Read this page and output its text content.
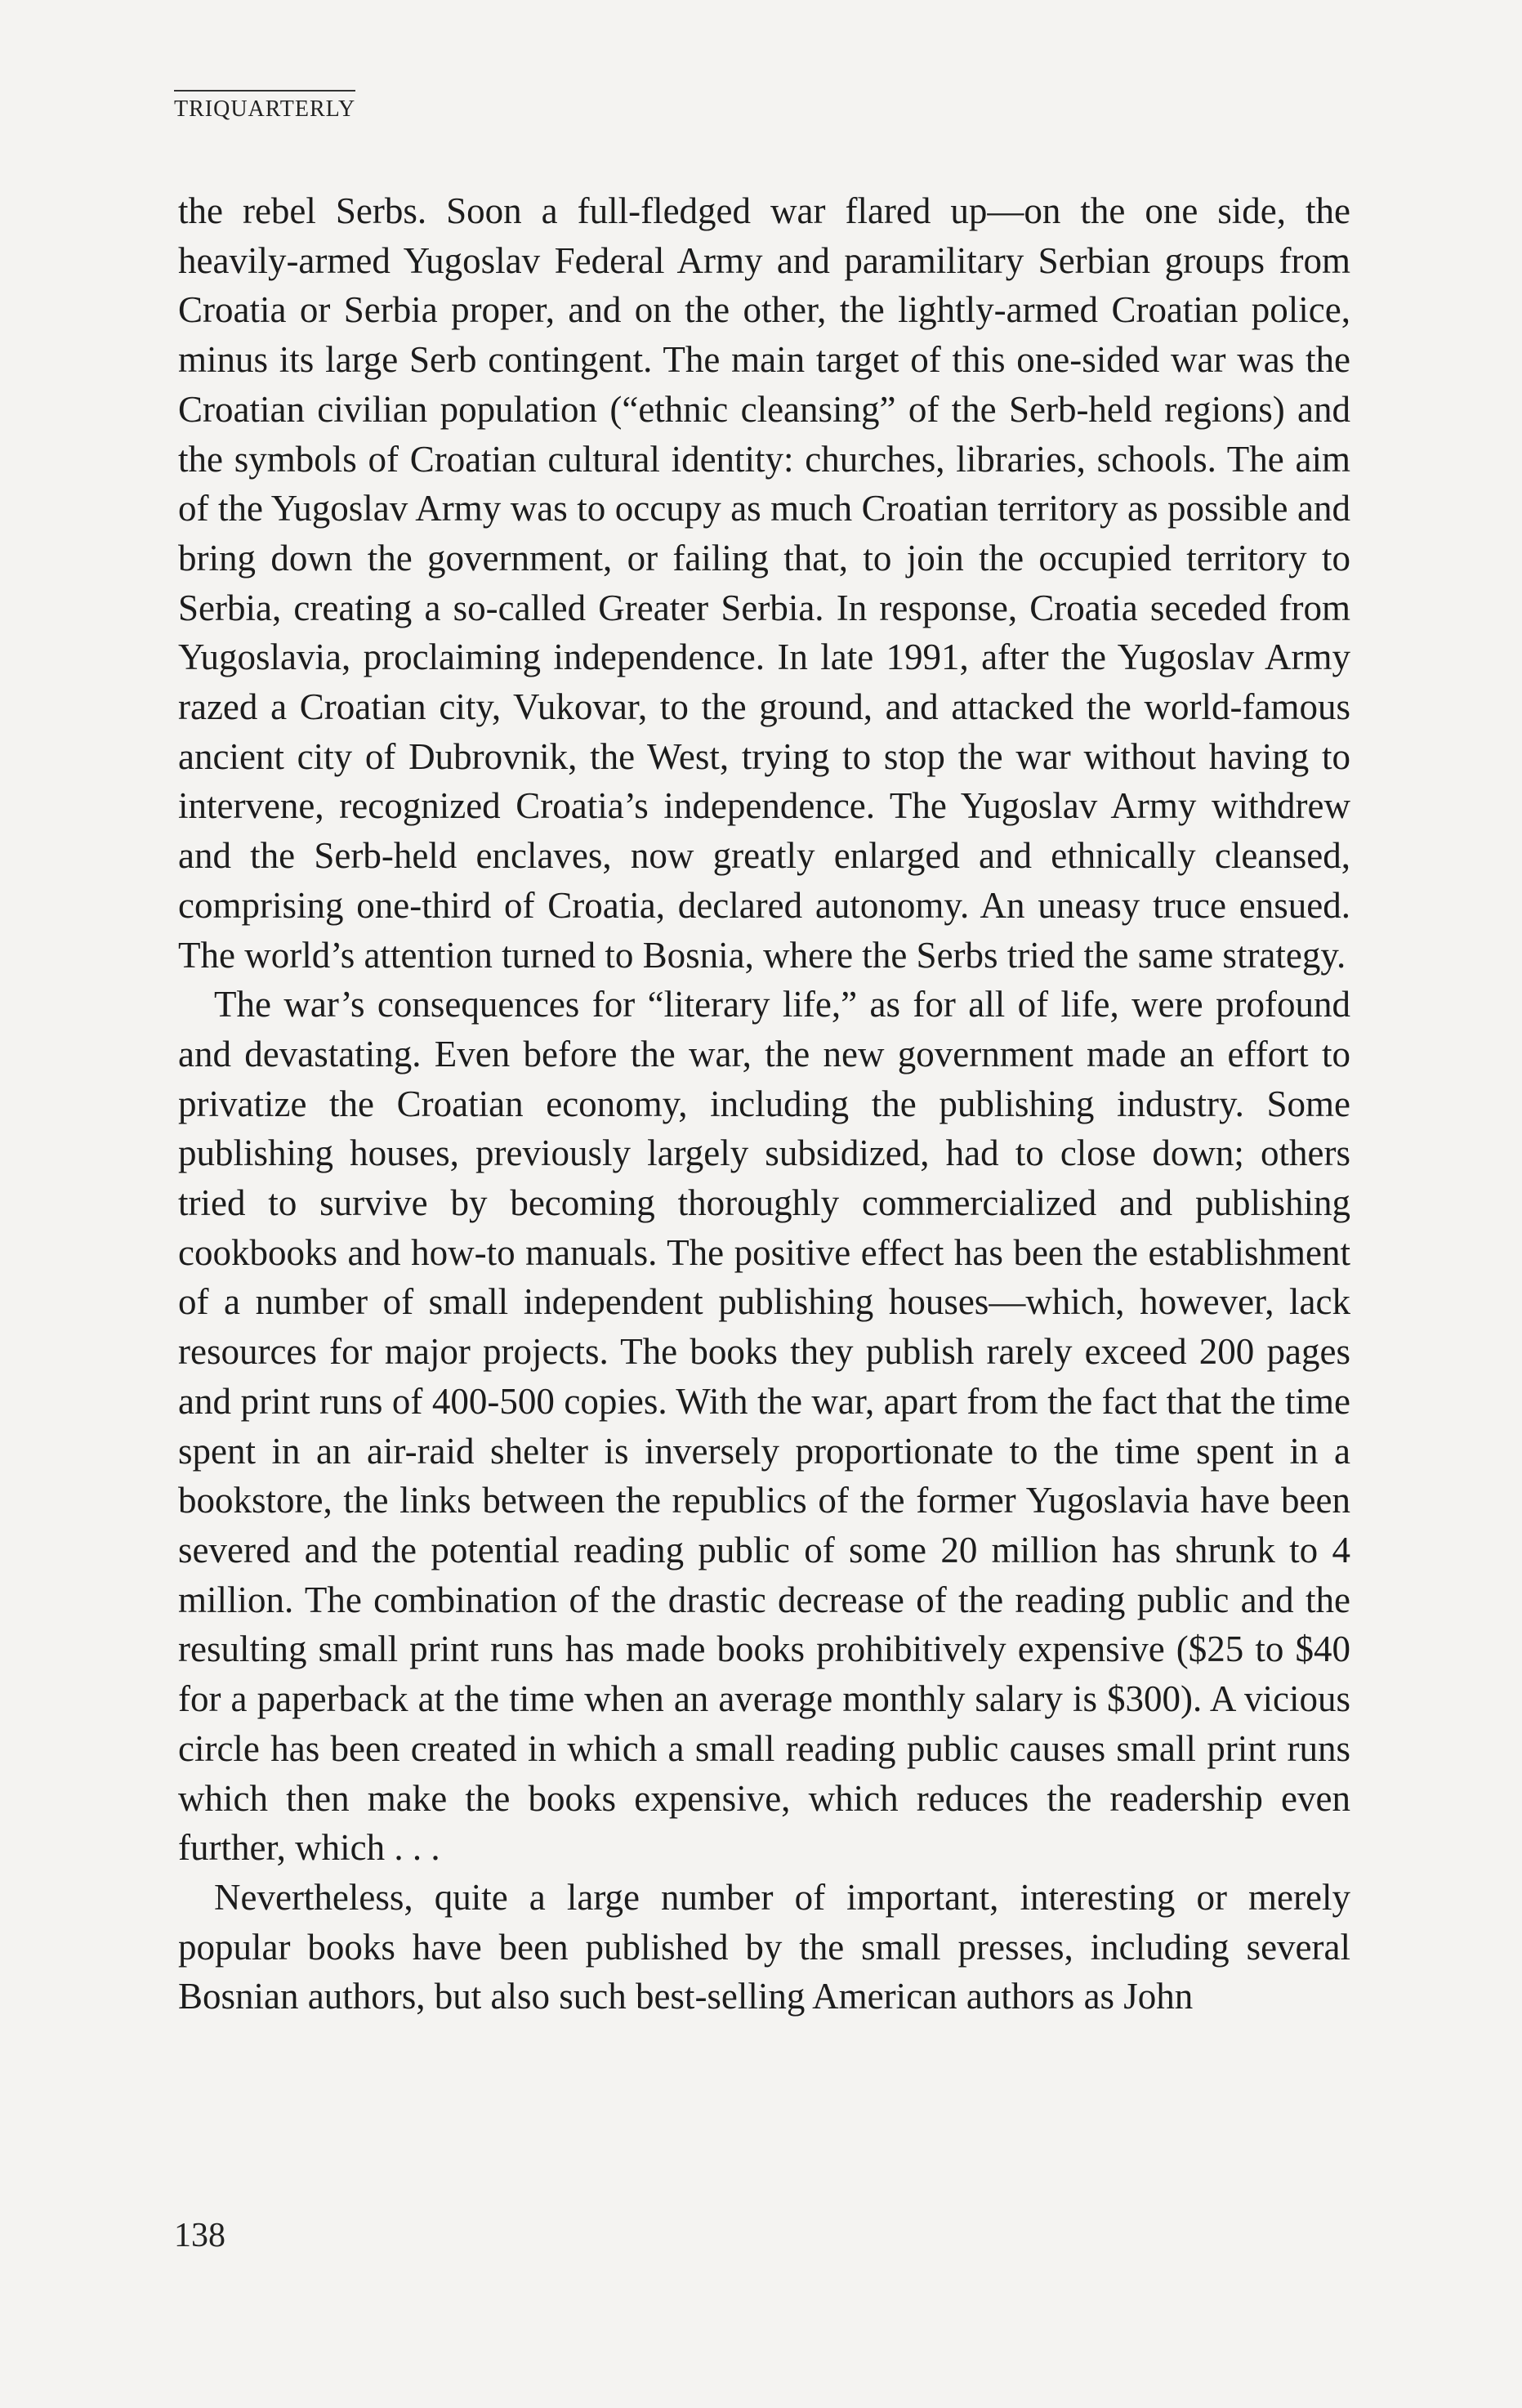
TRIQUARTERLY

the rebel Serbs. Soon a full-fledged war flared up—on the one side, the heavily-armed Yugoslav Federal Army and paramilitary Serbian groups from Croatia or Serbia proper, and on the other, the lightly-armed Croatian police, minus its large Serb contingent. The main target of this one-sided war was the Croatian civilian population (“ethnic cleansing” of the Serb-held regions) and the symbols of Croatian cultural identity: churches, libraries, schools. The aim of the Yugoslav Army was to occupy as much Croatian territory as possible and bring down the government, or failing that, to join the occupied territory to Serbia, creating a so-called Greater Serbia. In response, Croatia seceded from Yugoslavia, proclaiming independence. In late 1991, after the Yugoslav Army razed a Croatian city, Vukovar, to the ground, and attacked the world-famous ancient city of Dubrovnik, the West, trying to stop the war without having to intervene, recognized Croatia’s independence. The Yugoslav Army withdrew and the Serb-held enclaves, now greatly enlarged and ethnically cleansed, comprising one-third of Croatia, declared autonomy. An uneasy truce ensued. The world’s attention turned to Bosnia, where the Serbs tried the same strategy.

The war’s consequences for “literary life,” as for all of life, were profound and devastating. Even before the war, the new government made an effort to privatize the Croatian economy, including the publishing industry. Some publishing houses, previously largely subsidized, had to close down; others tried to survive by becoming thoroughly commercialized and publishing cookbooks and how-to manuals. The positive effect has been the establishment of a number of small independent publishing houses—which, however, lack resources for major projects. The books they publish rarely exceed 200 pages and print runs of 400-500 copies. With the war, apart from the fact that the time spent in an air-raid shelter is inversely proportionate to the time spent in a bookstore, the links between the republics of the former Yugoslavia have been severed and the potential reading public of some 20 million has shrunk to 4 million. The combination of the drastic decrease of the reading public and the resulting small print runs has made books prohibitively expensive ($25 to $40 for a paperback at the time when an average monthly salary is $300). A vicious circle has been created in which a small reading public causes small print runs which then make the books expensive, which reduces the readership even further, which . . .

Nevertheless, quite a large number of important, interesting or merely popular books have been published by the small presses, including several Bosnian authors, but also such best-selling American authors as John

138
